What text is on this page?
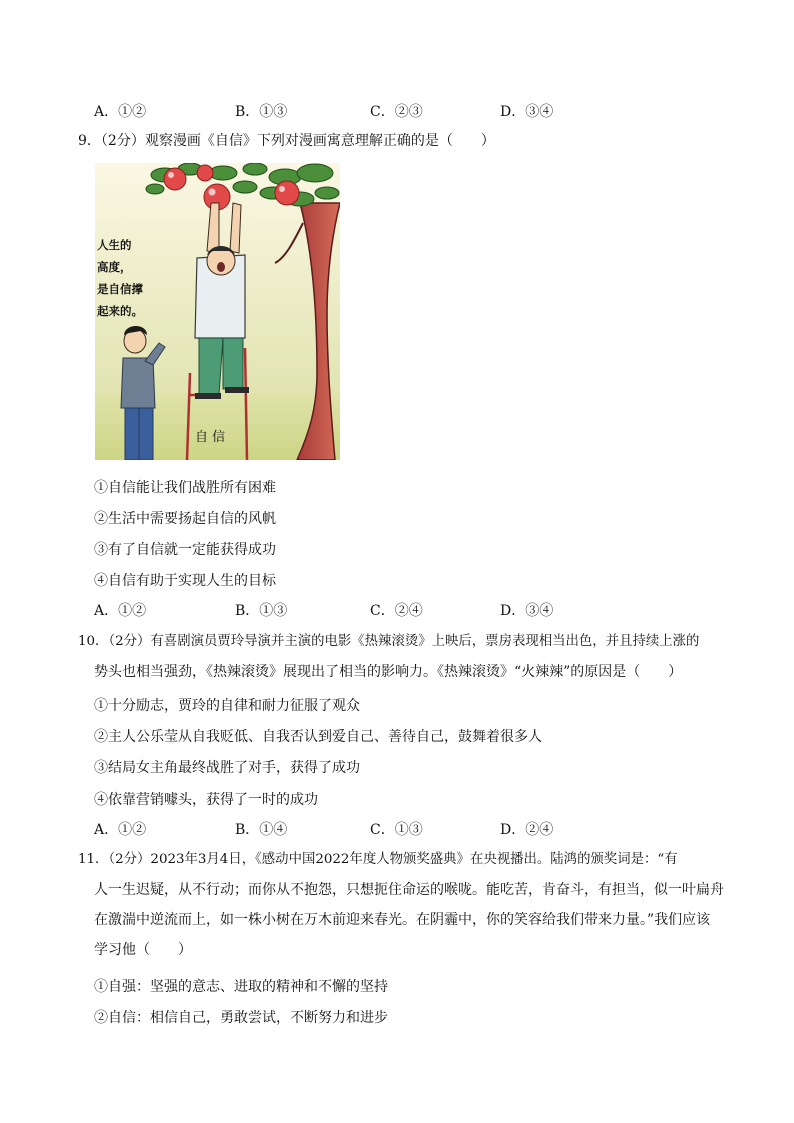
A．①②	B．①③	C．②③	D．③④
9．（2分）观察漫画《自信》下列对漫画寓意理解正确的是（　　）
人生的
高度，
是自信撑
起来的。
自 信
①自信能让我们战胜所有困难
②生活中需要扬起自信的风帆
③有了自信就一定能获得成功
④自信有助于实现人生的目标
A．①②	B．①③	C．②④	D．③④
10．（2分）有喜剧演员贾玲导演并主演的电影《热辣滚烫》上映后，票房表现相当出色，并且持续上涨的
势头也相当强劲，《热辣滚烫》展现出了相当的影响力。《热辣滚烫》“火辣辣”的原因是（　　）
①十分励志，贾玲的自律和耐力征服了观众
②主人公乐莹从自我贬低、自我否认到爱自己、善待自己，鼓舞着很多人
③结局女主角最终战胜了对手，获得了成功
④依靠营销噱头，获得了一时的成功
A．①②	B．①④	C．①③	D．②④
11．（2分）2023年3月4日，《感动中国2022年度人物颁奖盛典》在央视播出。陆鸿的颁奖词是：“有
人一生迟疑，从不行动；而你从不抱怨，只想扼住命运的喉咙。能吃苦，肯奋斗，有担当，似一叶扁舟
在激湍中逆流而上，如一株小树在万木前迎来春光。在阴霾中，你的笑容给我们带来力量。”我们应该
学习他（　　）
①自强：坚强的意志、进取的精神和不懈的坚持
②自信：相信自己，勇敢尝试，不断努力和进步
